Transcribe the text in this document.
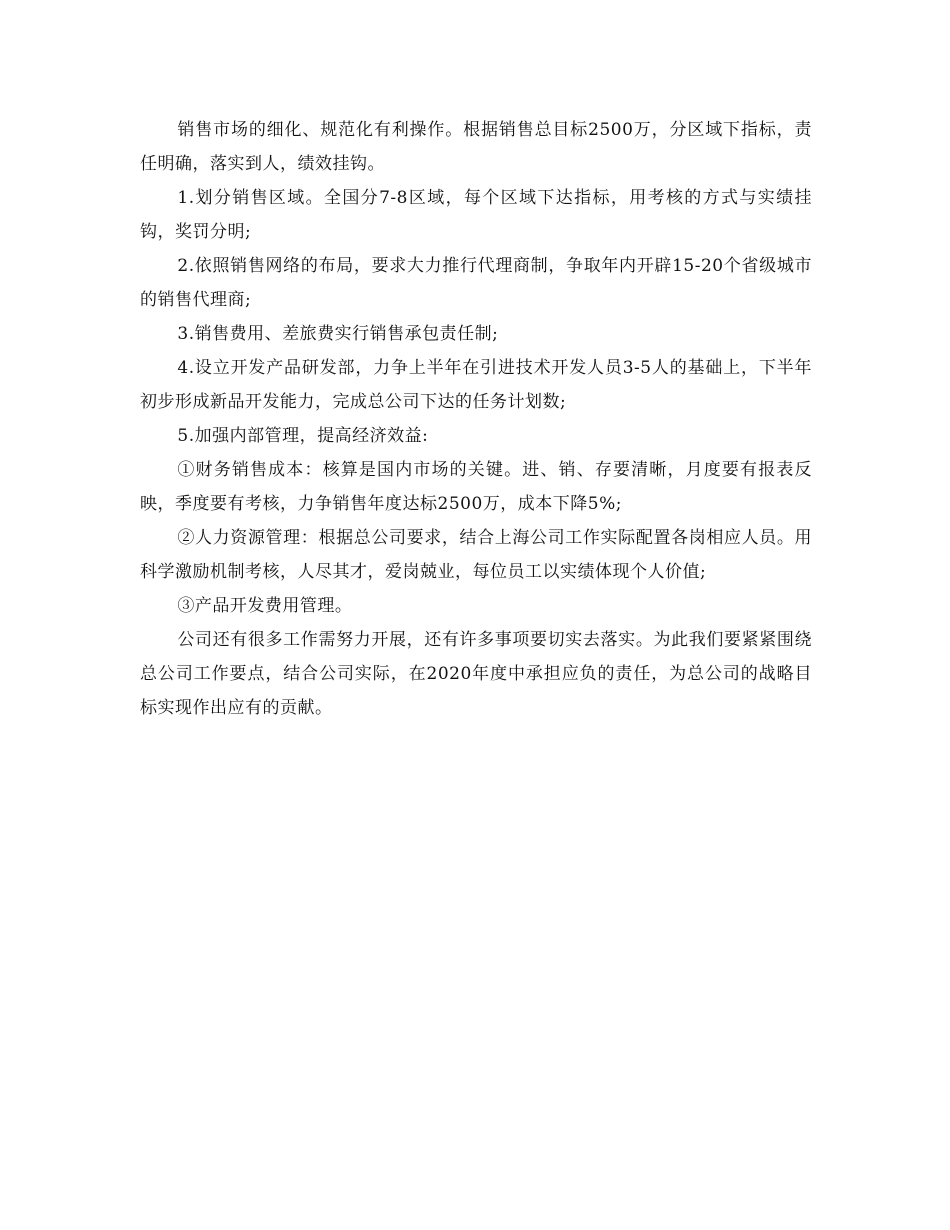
销售市场的细化、规范化有利操作。根据销售总目标2500万，分区域下指标，责任明确，落实到人，绩效挂钩。

1.划分销售区域。全国分7-8区域，每个区域下达指标，用考核的方式与实绩挂钩，奖罚分明;

2.依照销售网络的布局，要求大力推行代理商制，争取年内开辟15-20个省级城市的销售代理商;

3.销售费用、差旅费实行销售承包责任制;

4.设立开发产品研发部，力争上半年在引进技术开发人员3-5人的基础上，下半年初步形成新品开发能力，完成总公司下达的任务计划数;

5.加强内部管理，提高经济效益:

①财务销售成本：核算是国内市场的关键。进、销、存要清晰，月度要有报表反映，季度要有考核，力争销售年度达标2500万，成本下降5%;

②人力资源管理：根据总公司要求，结合上海公司工作实际配置各岗相应人员。用科学激励机制考核，人尽其才，爱岗兢业，每位员工以实绩体现个人价值;

③产品开发费用管理。

公司还有很多工作需努力开展，还有许多事项要切实去落实。为此我们要紧紧围绕总公司工作要点，结合公司实际，在2020年度中承担应负的责任，为总公司的战略目标实现作出应有的贡献。
